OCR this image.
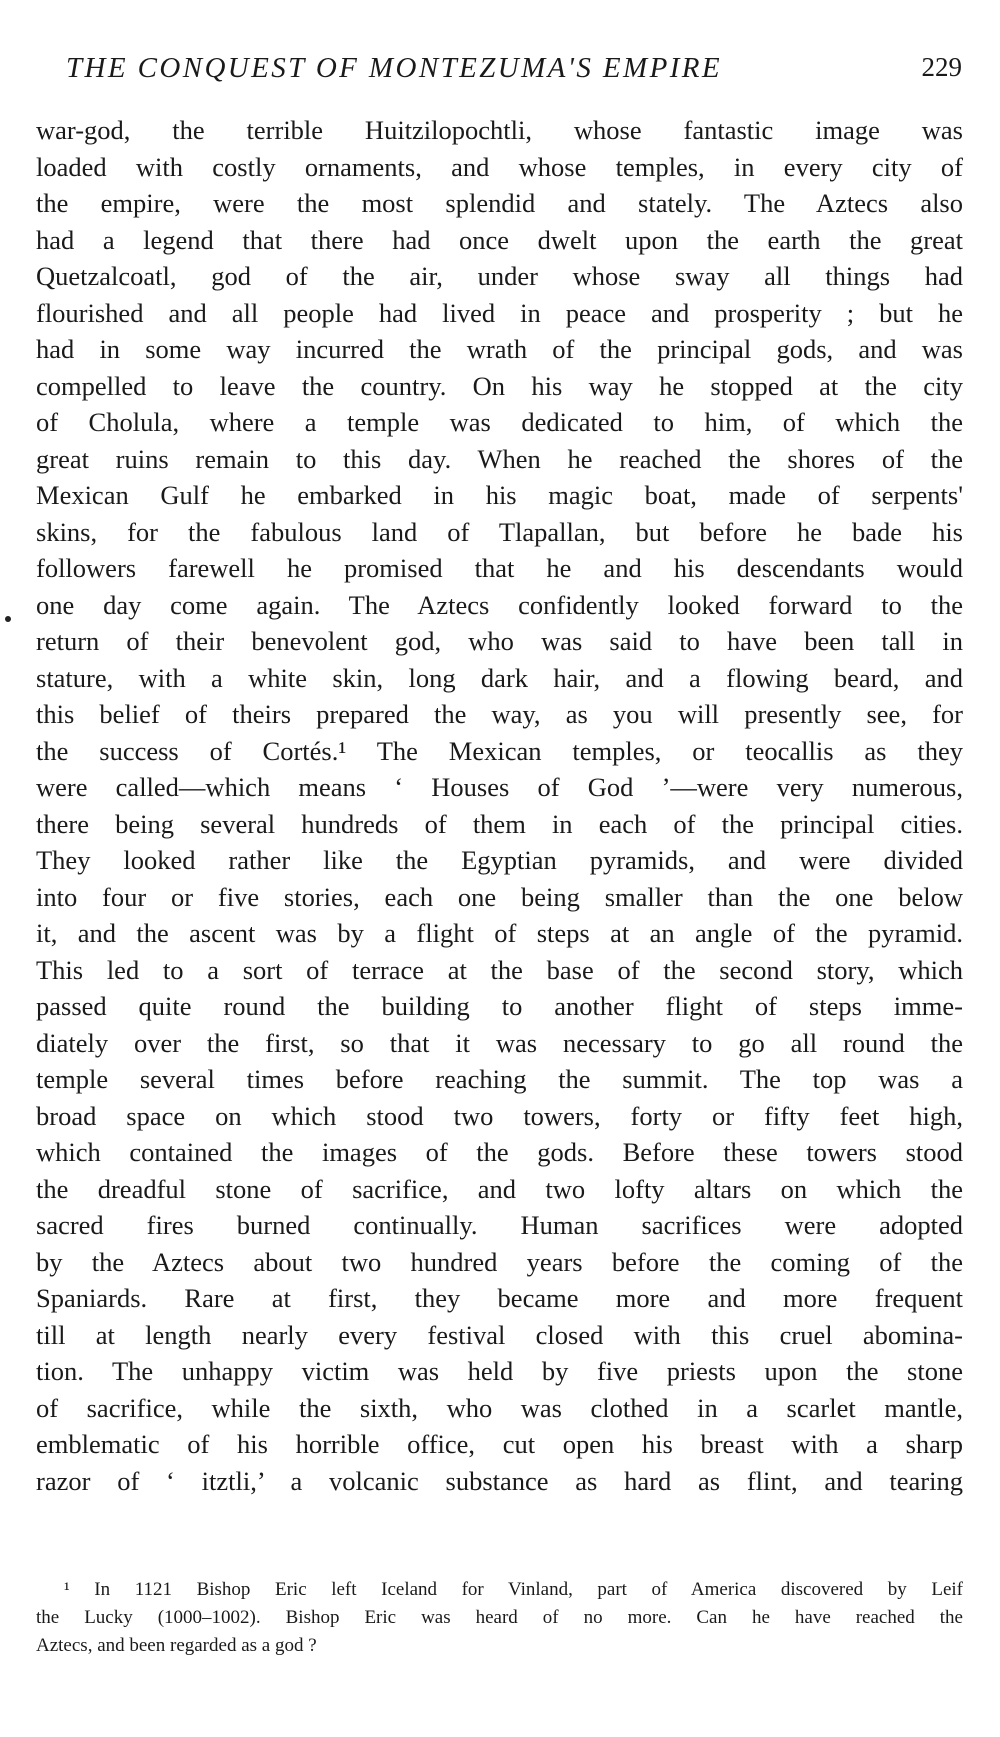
THE CONQUEST OF MONTEZUMA'S EMPIRE	229
war-god, the terrible Huitzilopochtli, whose fantastic image was
loaded with costly ornaments, and whose temples, in every city of
the empire, were the most splendid and stately. The Aztecs also
had a legend that there had once dwelt upon the earth the great
Quetzalcoatl, god of the air, under whose sway all things had
flourished and all people had lived in peace and prosperity ; but he
had in some way incurred the wrath of the principal gods, and was
compelled to leave the country. On his way he stopped at the city
of Cholula, where a temple was dedicated to him, of which the
great ruins remain to this day. When he reached the shores of the
Mexican Gulf he embarked in his magic boat, made of serpents'
skins, for the fabulous land of Tlapallan, but before he bade his
followers farewell he promised that he and his descendants would
one day come again. The Aztecs confidently looked forward to the
return of their benevolent god, who was said to have been tall in
stature, with a white skin, long dark hair, and a flowing beard, and
this belief of theirs prepared the way, as you will presently see, for
the success of Cortés.¹ The Mexican temples, or teocallis as they
were called—which means ‘ Houses of God ’—were very numerous,
there being several hundreds of them in each of the principal cities.
They looked rather like the Egyptian pyramids, and were divided
into four or five stories, each one being smaller than the one below
it, and the ascent was by a flight of steps at an angle of the pyramid.
This led to a sort of terrace at the base of the second story, which
passed quite round the building to another flight of steps imme-
diately over the first, so that it was necessary to go all round the
temple several times before reaching the summit. The top was a
broad space on which stood two towers, forty or fifty feet high,
which contained the images of the gods. Before these towers stood
the dreadful stone of sacrifice, and two lofty altars on which the
sacred fires burned continually. Human sacrifices were adopted
by the Aztecs about two hundred years before the coming of the
Spaniards. Rare at first, they became more and more frequent
till at length nearly every festival closed with this cruel abomina-
tion. The unhappy victim was held by five priests upon the stone
of sacrifice, while the sixth, who was clothed in a scarlet mantle,
emblematic of his horrible office, cut open his breast with a sharp
razor of ‘ itztli,’ a volcanic substance as hard as flint, and tearing
¹ In 1121 Bishop Eric left Iceland for Vinland, part of America discovered by Leif
the Lucky (1000–1002). Bishop Eric was heard of no more. Can he have reached the
Aztecs, and been regarded as a god ?
